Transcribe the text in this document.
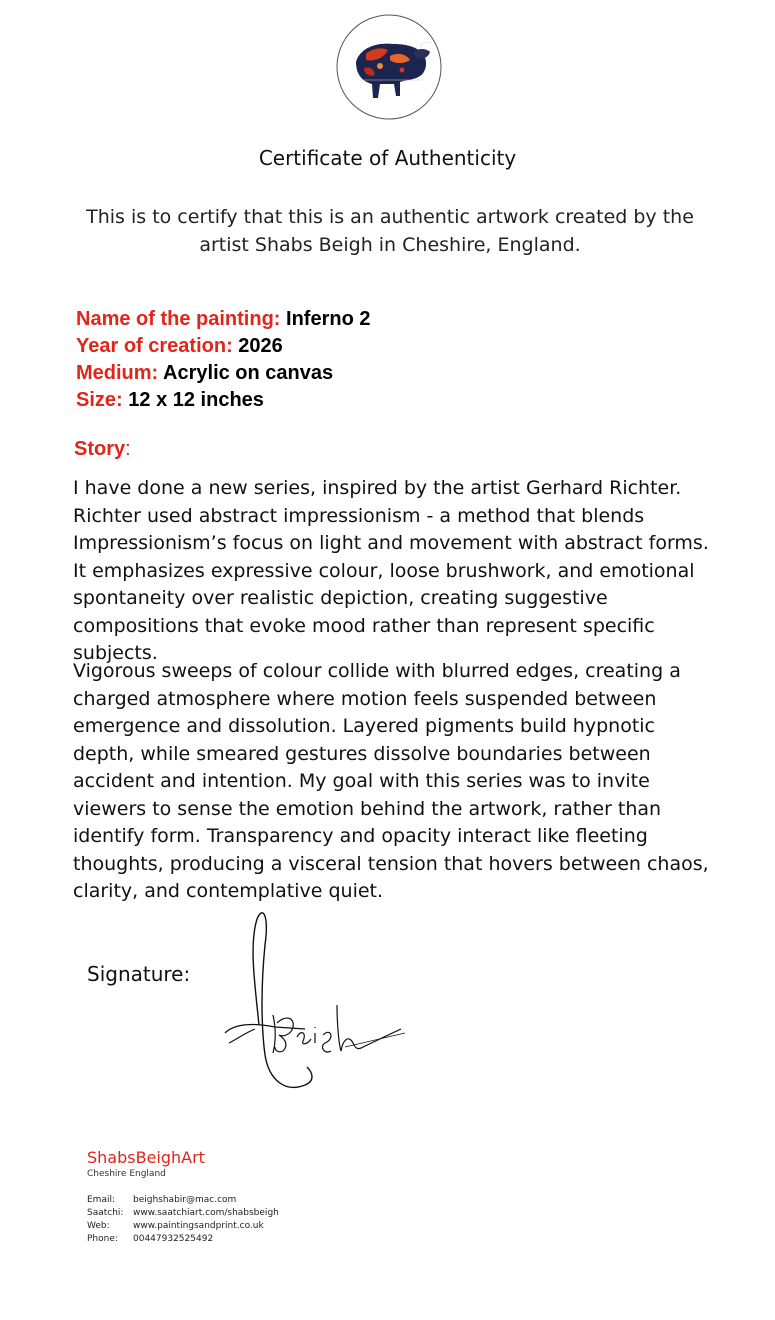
Certificate of Authenticity
This is to certify that this is an authentic artwork created by the artist Shabs Beigh in Cheshire, England.
Name of the painting: Inferno 2
Year of creation: 2026
Medium: Acrylic on canvas
Size: 12 x 12 inches
Story:

I have done a new series, inspired by the artist Gerhard Richter. Richter used abstract impressionism - a method that blends Impressionism’s focus on light and movement with abstract forms. It emphasizes expressive colour, loose brushwork, and emotional spontaneity over realistic depiction, creating suggestive compositions that evoke mood rather than represent specific subjects.

Vigorous sweeps of colour collide with blurred edges, creating a charged atmosphere where motion feels suspended between emergence and dissolution. Layered pigments build hypnotic depth, while smeared gestures dissolve boundaries between accident and intention. My goal with this series was to invite viewers to sense the emotion behind the artwork, rather than identify form. Transparency and opacity interact like fleeting thoughts, producing a visceral tension that hovers between chaos, clarity, and contemplative quiet.

Signature:
ShabsBeighArt
Cheshire England
Email: beighshabir@mac.com
Saatchi: www.saatchiart.com/shabsbeigh
Web:	www.paintingsandprint.co.uk
Phone: 00447932525492
